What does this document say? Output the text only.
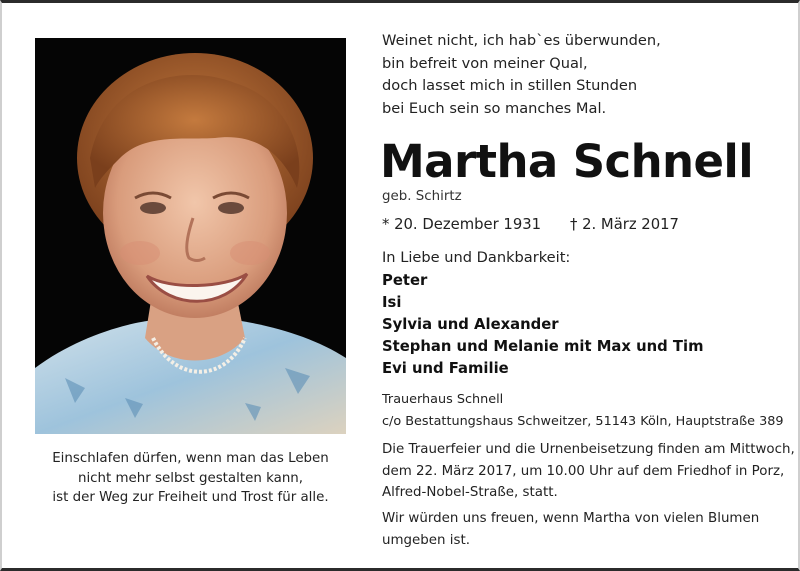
Einschlafen dürfen, wenn man das Leben
nicht mehr selbst gestalten kann,
ist der Weg zur Freiheit und Trost für alle.
Weinet nicht, ich hab`es überwunden,
bin befreit von meiner Qual,
doch lasset mich in stillen Stunden
bei Euch sein so manches Mal.
Martha Schnell
geb. Schirtz
* 20. Dezember 1931 † 2. März 2017
In Liebe und Dankbarkeit:
Peter
Isi
Sylvia und Alexander
Stephan und Melanie mit Max und Tim
Evi und Familie
Trauerhaus Schnell
c/o Bestattungshaus Schweitzer, 51143 Köln, Hauptstraße 389
Die Trauerfeier und die Urnenbeisetzung finden am Mittwoch,
dem 22. März 2017, um 10.00 Uhr auf dem Friedhof in Porz,
Alfred-Nobel-Straße, statt.
Wir würden uns freuen, wenn Martha von vielen Blumen
umgeben ist.
